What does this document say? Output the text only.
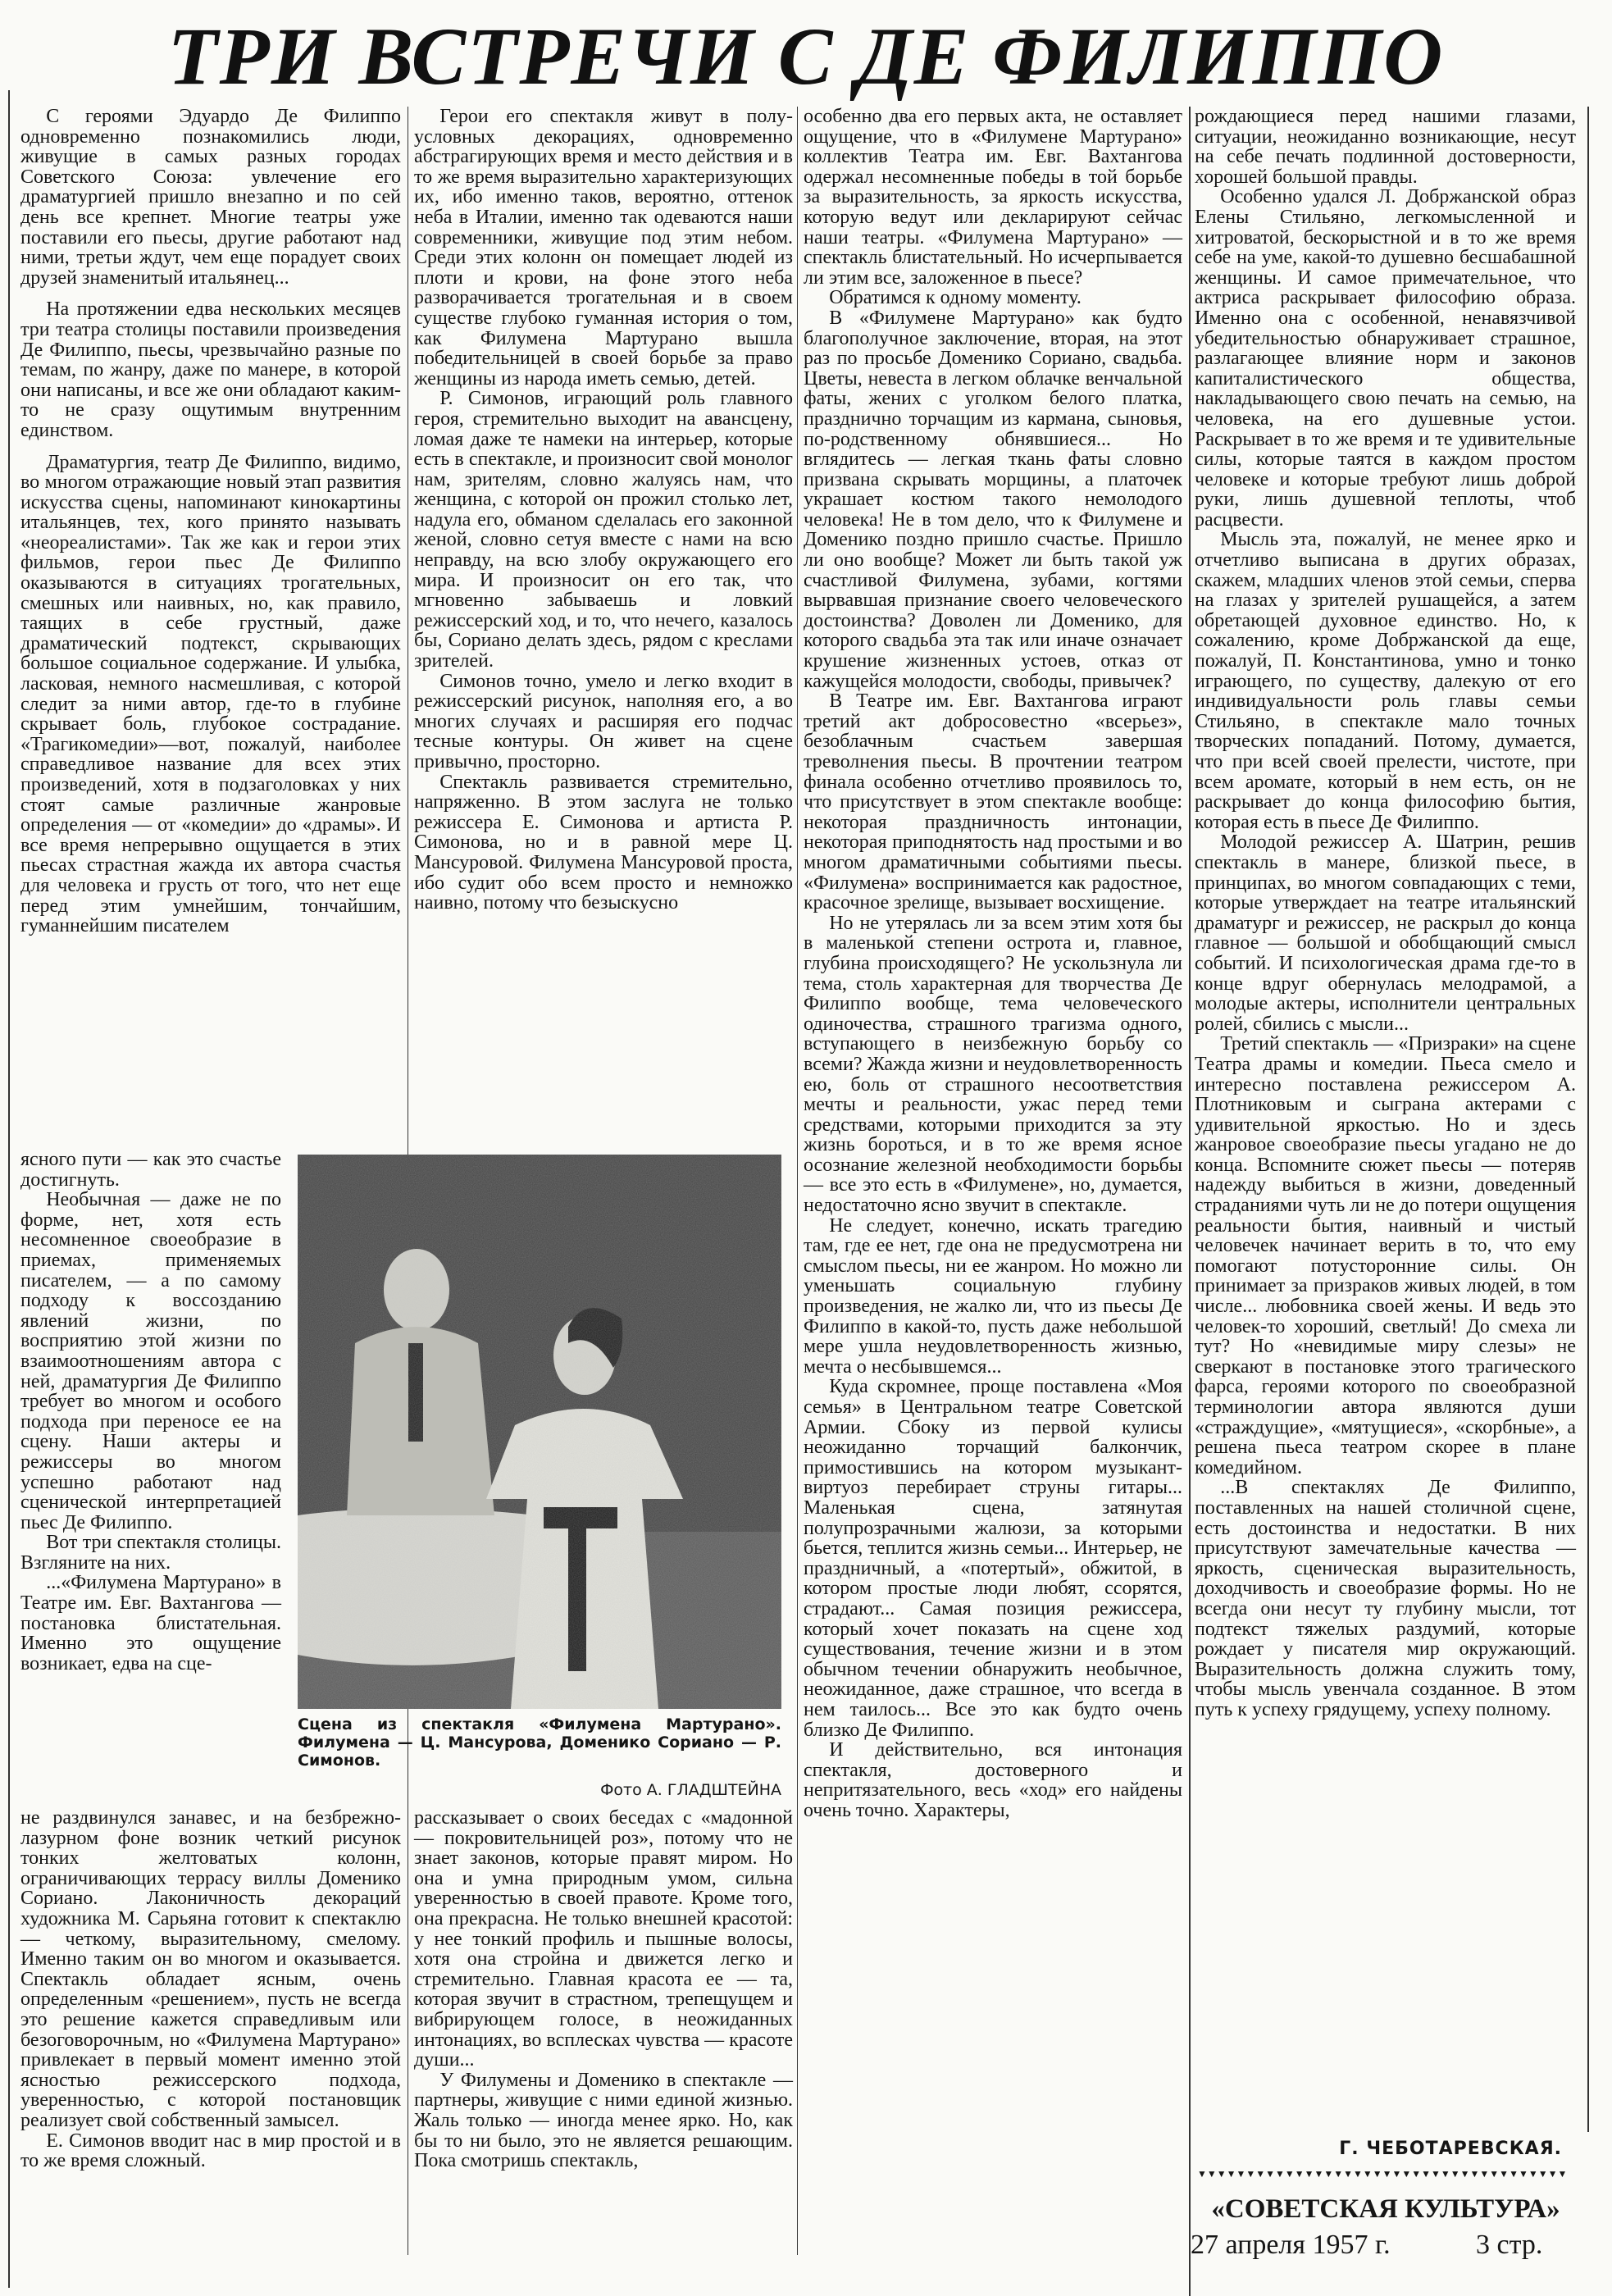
ТРИ ВСТРЕЧИ С ДЕ ФИЛИППО

С героями Эдуардо Де Филиппо одновременно познакомились люди, живущие в самых разных городах Советского Союза: увлечение его драматургией пришло внезапно и по сей день все крепнет. Многие театры уже поставили его пьесы, другие работают над ними, третьи ждут, чем еще порадует своих друзей знаменитый итальянец...

На протяжении едва нескольких месяцев три театра столицы поставили произведения Де Филиппо, пьесы, чрезвычайно разные по темам, по жанру, даже по манере, в которой они написаны, и все же они обладают каким-то не сразу ощутимым внутренним единством.

Драматургия, театр Де Филиппо, видимо, во многом отражающие новый этап развития искусства сцены, напоминают кинокартины итальянцев, тех, кого принято называть «неореалистами». Так же как и герои этих фильмов, герои пьес Де Филиппо оказываются в ситуациях трогательных, смешных или наивных, но, как правило, таящих в себе грустный, даже драматический подтекст, скрывающих большое социальное содержание. И улыбка, ласковая, немного насмешливая, с которой следит за ними автор, где-то в глубине скрывает боль, глубокое сострадание. «Трагикомедии»—вот, пожалуй, наиболее справедливое название для всех этих произведений, хотя в подзаголовках у них стоят самые различные жанровые определения — от «комедии» до «драмы». И все время непрерывно ощущается в этих пьесах страстная жажда их автора счастья для человека и грусть от того, что нет еще перед этим умнейшим, тончайшим, гуманнейшим писателем

ясного пути — как это счастье достигнуть.

Необычная — даже не по форме, нет, хотя есть несомненное своеобразие в приемах, применяемых писателем, — а по самому подходу к воссозданию явлений жизни, по восприятию этой жизни по взаимоотношениям автора с ней, драматургия Де Филиппо требует во многом и особого подхода при переносе ее на сцену. Наши актеры и режиссеры во многом успешно работают над сценической интерпретацией пьес Де Филиппо.

Вот три спектакля столицы. Взгляните на них.

...«Филумена Мартурано» в Театре им. Евг. Вахтангова — постановка блистательная. Именно это ощущение возникает, едва на сце-

не раздвинулся занавес, и на безбрежно-лазурном фоне возник четкий рисунок тонких желтоватых колонн, ограничивающих террасу виллы Доменико Сориано. Лаконичность декораций художника М. Сарьяна готовит к спектаклю — четкому, выразительному, смелому. Именно таким он во многом и оказывается. Спектакль обладает ясным, очень определенным «решением», пусть не всегда это решение кажется справедливым или безоговорочным, но «Филумена Мартурано» привлекает в первый момент именно этой ясностью режиссерского подхода, уверенностью, с которой постановщик реализует свой собственный замысел.

Е. Симонов вводит нас в мир простой и в то же время сложный.

Герои его спектакля живут в полу-условных декорациях, одновременно абстрагирующих время и место действия и в то же время выразительно характеризующих их, ибо именно таков, вероятно, оттенок неба в Италии, именно так одеваются наши современники, живущие под этим небом. Среди этих колонн он помещает людей из плоти и крови, на фоне этого неба разворачивается трогательная и в своем существе глубоко гуманная история о том, как Филумена Мартурано вышла победительницей в своей борьбе за право женщины из народа иметь семью, детей.

Р. Симонов, играющий роль главного героя, стремительно выходит на авансцену, ломая даже те намеки на интерьер, которые есть в спектакле, и произносит свой монолог нам, зрителям, словно жалуясь нам, что женщина, с которой он прожил столько лет, надула его, обманом сделалась его законной женой, словно сетуя вместе с нами на всю неправду, на всю злобу окружающего его мира. И произносит он его так, что мгновенно забываешь и ловкий режиссерский ход, и то, что нечего, казалось бы, Сориано делать здесь, рядом с креслами зрителей.

Симонов точно, умело и легко входит в режиссерский рисунок, наполняя его, а во многих случаях и расширяя его подчас тесные контуры. Он живет на сцене привычно, просторно.

Спектакль развивается стремительно, напряженно. В этом заслуга не только режиссера Е. Симонова и артиста Р. Симонова, но и в равной мере Ц. Мансуровой. Филумена Мансуровой проста, ибо судит обо всем просто и немножко наивно, потому что безыскусно

рассказывает о своих беседах с «мадонной — покровительницей роз», потому что не знает законов, которые правят миром. Но она и умна природным умом, сильна уверенностью в своей правоте. Кроме того, она прекрасна. Не только внешней красотой: у нее тонкий профиль и пышные волосы, хотя она стройна и движется легко и стремительно. Главная красота ее — та, которая звучит в страстном, трепещущем и вибрирующем голосе, в неожиданных интонациях, во всплесках чувства — красоте души...

У Филумены и Доменико в спектакле — партнеры, живущие с ними единой жизнью. Жаль только — иногда менее ярко. Но, как бы то ни было, это не является решающим. Пока смотришь спектакль,

особенно два его первых акта, не оставляет ощущение, что в «Филумене Мартурано» коллектив Театра им. Евг. Вахтангова одержал несомненные победы в той борьбе за выразительность, за яркость искусства, которую ведут или декларируют сейчас наши театры. «Филумена Мартурано» — спектакль блистательный. Но исчерпывается ли этим все, заложенное в пьесе?

Обратимся к одному моменту.

В «Филумене Мартурано» как будто благополучное заключение, вторая, на этот раз по просьбе Доменико Сориано, свадьба. Цветы, невеста в легком облачке венчальной фаты, жених с уголком белого платка, празднично торчащим из кармана, сыновья, по-родственному обнявшиеся... Но вглядитесь — легкая ткань фаты словно призвана скрывать морщины, а платочек украшает костюм такого немолодого человека! Не в том дело, что к Филумене и Доменико поздно пришло счастье. Пришло ли оно вообще? Может ли быть такой уж счастливой Филумена, зубами, когтями вырвавшая признание своего человеческого достоинства? Доволен ли Доменико, для которого свадьба эта так или иначе означает крушение жизненных устоев, отказ от кажущейся молодости, свободы, привычек?

В Театре им. Евг. Вахтангова играют третий акт добросовестно «всерьез», безоблачным счастьем завершая треволнения пьесы. В прочтении театром финала особенно отчетливо проявилось то, что присутствует в этом спектакле вообще: некоторая праздничность интонации, некоторая приподнятость над простыми и во многом драматичными событиями пьесы. «Филумена» воспринимается как радостное, красочное зрелище, вызывает восхищение.

Но не утерялась ли за всем этим хотя бы в маленькой степени острота и, главное, глубина происходящего? Не ускользнула ли тема, столь характерная для творчества Де Филиппо вообще, тема человеческого одиночества, страшного трагизма одного, вступающего в неизбежную борьбу со всеми? Жажда жизни и неудовлетворенность ею, боль от страшного несоответствия мечты и реальности, ужас перед теми средствами, которыми приходится за эту жизнь бороться, и в то же время ясное осознание железной необходимости борьбы — все это есть в «Филумене», но, думается, недостаточно ясно звучит в спектакле.

Не следует, конечно, искать трагедию там, где ее нет, где она не предусмотрена ни смыслом пьесы, ни ее жанром. Но можно ли уменьшать социальную глубину произведения, не жалко ли, что из пьесы Де Филиппо в какой-то, пусть даже небольшой мере ушла неудовлетворенность жизнью, мечта о несбывшемся...

Куда скромнее, проще поставлена «Моя семья» в Центральном театре Советской Армии. Сбоку из первой кулисы неожиданно торчащий балкончик, примостившись на котором музыкант-виртуоз перебирает струны гитары... Маленькая сцена, затянутая полупрозрачными жалюзи, за которыми бьется, теплится жизнь семьи... Интерьер, не праздничный, а «потертый», обжитой, в котором простые люди любят, ссорятся, страдают... Самая позиция режиссера, который хочет показать на сцене ход существования, течение жизни и в этом обычном течении обнаружить необычное, неожиданное, даже страшное, что всегда в нем таилось... Все это как будто очень близко Де Филиппо.

И действительно, вся интонация спектакля, достоверного и непритязательного, весь «ход» его найдены очень точно. Характеры,

рождающиеся перед нашими глазами, ситуации, неожиданно возникающие, несут на себе печать подлинной достоверности, хорошей большой правды.

Особенно удался Л. Добржанской образ Елены Стильяно, легкомысленной и хитроватой, бескорыстной и в то же время себе на уме, какой-то душевно бесшабашной женщины. И самое примечательное, что актриса раскрывает философию образа. Именно она с особенной, ненавязчивой убедительностью обнаруживает страшное, разлагающее влияние норм и законов капиталистического общества, накладывающего свою печать на семью, на человека, на его душевные устои. Раскрывает в то же время и те удивительные силы, которые таятся в каждом простом человеке и которые требуют лишь доброй руки, лишь душевной теплоты, чтоб расцвести.

Мысль эта, пожалуй, не менее ярко и отчетливо выписана в других образах, скажем, младших членов этой семьи, сперва на глазах у зрителей рушащейся, а затем обретающей духовное единство. Но, к сожалению, кроме Добржанской да еще, пожалуй, П. Константинова, умно и тонко играющего, по существу, далекую от его индивидуальности роль главы семьи Стильяно, в спектакле мало точных творческих попаданий. Потому, думается, что при всей своей прелести, чистоте, при всем аромате, который в нем есть, он не раскрывает до конца философию бытия, которая есть в пьесе Де Филиппо.

Молодой режиссер А. Шатрин, решив спектакль в манере, близкой пьесе, в принципах, во многом совпадающих с теми, которые утверждает на театре итальянский драматург и режиссер, не раскрыл до конца главное — большой и обобщающий смысл событий. И психологическая драма где-то в конце вдруг обернулась мелодрамой, а молодые актеры, исполнители центральных ролей, сбились с мысли...

Третий спектакль — «Призраки» на сцене Театра драмы и комедии. Пьеса смело и интересно поставлена режиссером А. Плотниковым и сыграна актерами с удивительной яркостью. Но и здесь жанровое своеобразие пьесы угадано не до конца. Вспомните сюжет пьесы — потеряв надежду выбиться в жизни, доведенный страданиями чуть ли не до потери ощущения реальности бытия, наивный и чистый человечек начинает верить в то, что ему помогают потусторонние силы. Он принимает за призраков живых людей, в том числе... любовника своей жены. И ведь это человек-то хороший, светлый! До смеха ли тут? Но «невидимые миру слезы» не сверкают в постановке этого трагического фарса, героями которого по своеобразной терминологии автора являются души «страждущие», «мятущиеся», «скорбные», а решена пьеса театром скорее в плане комедийном.

...В спектаклях Де Филиппо, поставленных на нашей столичной сцене, есть достоинства и недостатки. В них присутствуют замечательные качества — яркость, сценическая выразительность, доходчивость и своеобразие формы. Но не всегда они несут ту глубину мысли, тот подтекст тяжелых раздумий, которые рождает у писателя мир окружающий. Выразительность должна служить тому, чтобы мысль увенчала созданное. В этом путь к успеху грядущему, успеху полному.

Сцена из спектакля «Филумена Мартурано». Филумена — Ц. Мансурова, Доменико Сориано — Р. Симонов.
Фото А. ГЛАДШТЕЙНА
Г. ЧЕБОТАРЕВСКАЯ.
▼▼▼▼▼▼▼▼▼▼▼▼▼▼▼▼▼▼▼▼▼▼▼▼▼▼▼▼▼▼▼▼▼▼▼▼▼▼
«СОВЕТСКАЯ КУЛЬТУРА»
27 апреля 1957 г.	3 стр.
